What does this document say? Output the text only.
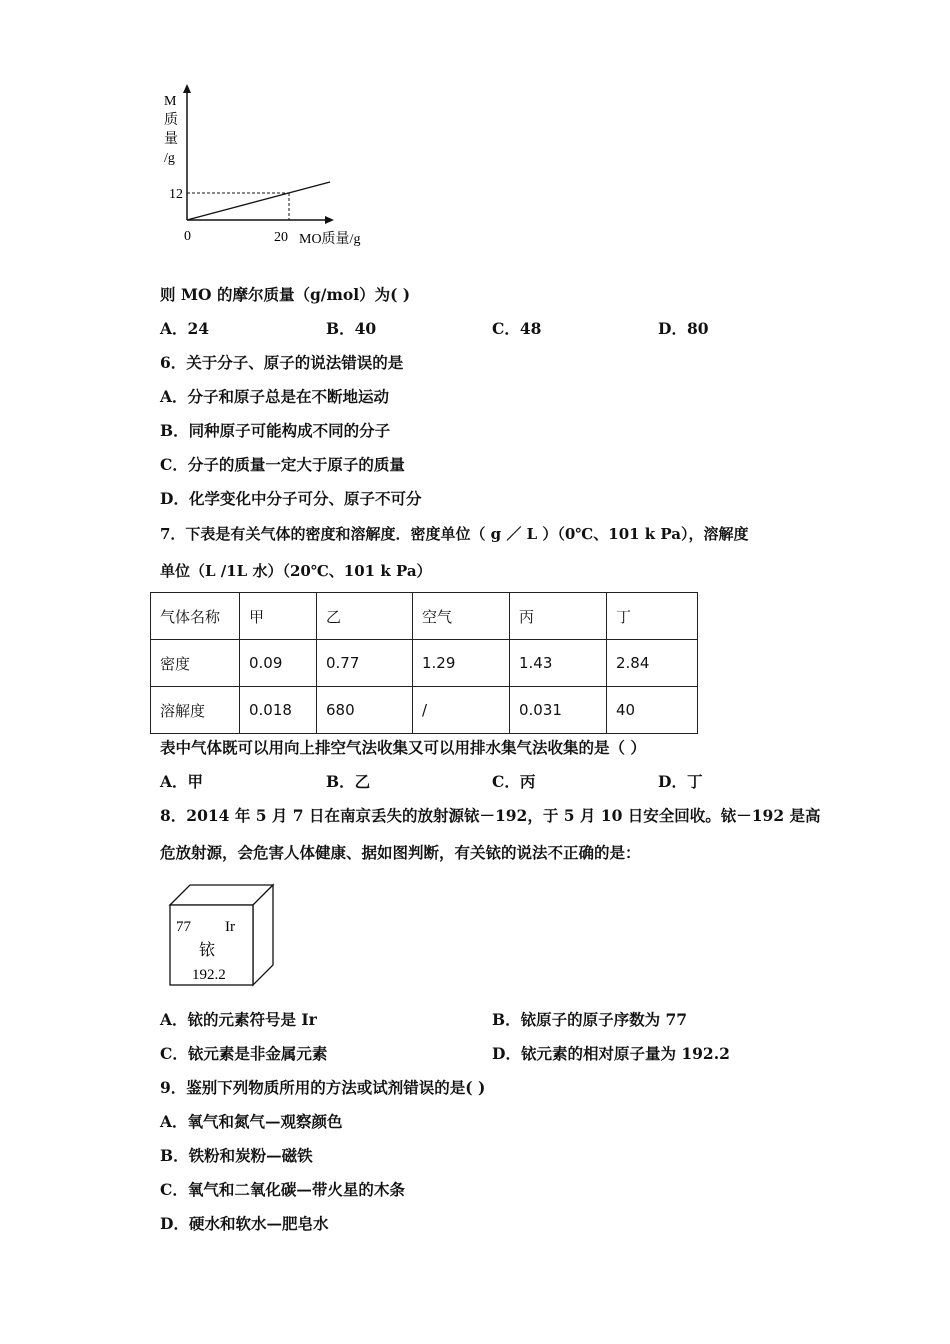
M
质
量
/g
12
0	20 MO质量/g
则 MO 的摩尔质量（g/mol）为( )
A．24	B．40	C．48	D．80
6．关于分子、原子的说法错误的是
A．分子和原子总是在不断地运动
B．同种原子可能构成不同的分子
C．分子的质量一定大于原子的质量
D．化学变化中分子可分、原子不可分
7．下表是有关气体的密度和溶解度．密度单位（ g ／ L ）（0℃、101 k Pa），溶解度
单位（L /1L 水）（20℃、101 k Pa）
气体名称	甲	乙	空气	丙	丁
密度	0.09	0.77	1.29	1.43	2.84
溶解度	0.018	680	/	0.031	40
表中气体既可以用向上排空气法收集又可以用排水集气法收集的是（ ）
A．甲	B．乙	C．丙	D．丁
8．2014 年 5 月 7 日在南京丢失的放射源铱－192，于 5 月 10 日安全回收。铱－192 是高
危放射源，会危害人体健康、据如图判断，有关铱的说法不正确的是：
77 Ir
铱
192.2
A．铱的元素符号是 Ir	B．铱原子的原子序数为 77
C．铱元素是非金属元素	D．铱元素的相对原子量为 192.2
9．鉴别下列物质所用的方法或试剂错误的是( )
A．氧气和氮气—观察颜色
B．铁粉和炭粉—磁铁
C．氧气和二氧化碳—带火星的木条
D．硬水和软水—肥皂水
